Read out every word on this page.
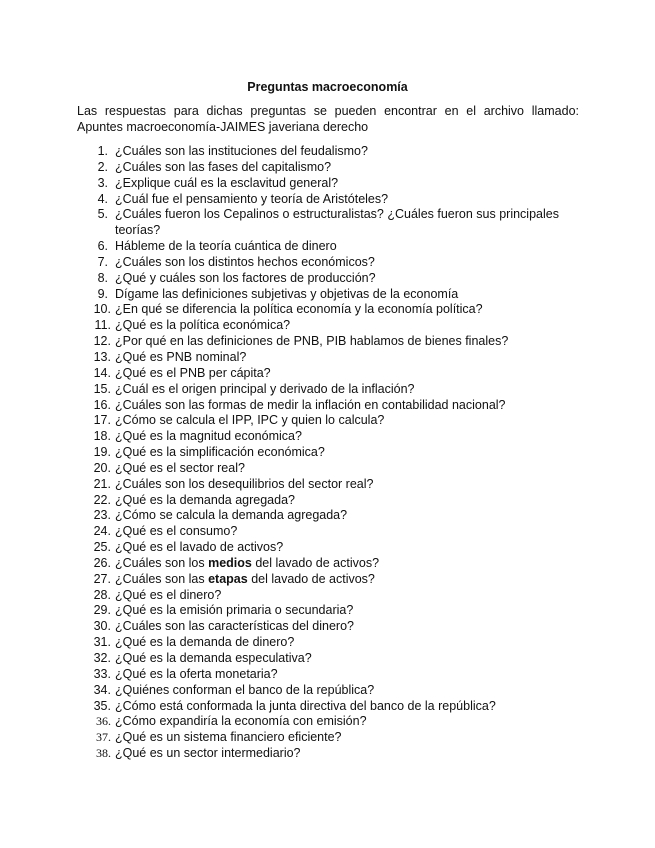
Preguntas macroeconomía
Las respuestas para dichas preguntas se pueden encontrar en el archivo llamado:
Apuntes macroeconomía-JAIMES javeriana derecho
1. ¿Cuáles son las instituciones del feudalismo?
2. ¿Cuáles son las fases del capitalismo?
3. ¿Explique cuál es la esclavitud general?
4. ¿Cuál fue el pensamiento y teoría de Aristóteles?
5. ¿Cuáles fueron los Cepalinos o estructuralistas? ¿Cuáles fueron sus principales teorías?
6. Hábleme de la teoría cuántica de dinero
7. ¿Cuáles son los distintos hechos económicos?
8. ¿Qué y cuáles son los factores de producción?
9. Dígame las definiciones subjetivas y objetivas de la economía
10. ¿En qué se diferencia la política economía y la economía política?
11. ¿Qué es la política económica?
12. ¿Por qué en las definiciones de PNB, PIB hablamos de bienes finales?
13. ¿Qué es PNB nominal?
14. ¿Qué es el PNB per cápita?
15. ¿Cuál es el origen principal y derivado de la inflación?
16. ¿Cuáles son las formas de medir la inflación en contabilidad nacional?
17. ¿Cómo se calcula el IPP, IPC y quien lo calcula?
18. ¿Qué es la magnitud económica?
19. ¿Qué es la simplificación económica?
20. ¿Qué es el sector real?
21. ¿Cuáles son los desequilibrios del sector real?
22. ¿Qué es la demanda agregada?
23. ¿Cómo se calcula la demanda agregada?
24. ¿Qué es el consumo?
25. ¿Qué es el lavado de activos?
26. ¿Cuáles son los medios del lavado de activos?
27. ¿Cuáles son las etapas del lavado de activos?
28. ¿Qué es el dinero?
29. ¿Qué es la emisión primaria o secundaria?
30. ¿Cuáles son las características del dinero?
31. ¿Qué es la demanda de dinero?
32. ¿Qué es la demanda especulativa?
33. ¿Qué es la oferta monetaria?
34. ¿Quiénes conforman el banco de la república?
35. ¿Cómo está conformada la junta directiva del banco de la república?
36. ¿Cómo expandiría la economía con emisión?
37. ¿Qué es un sistema financiero eficiente?
38. ¿Qué es un sector intermediario?
